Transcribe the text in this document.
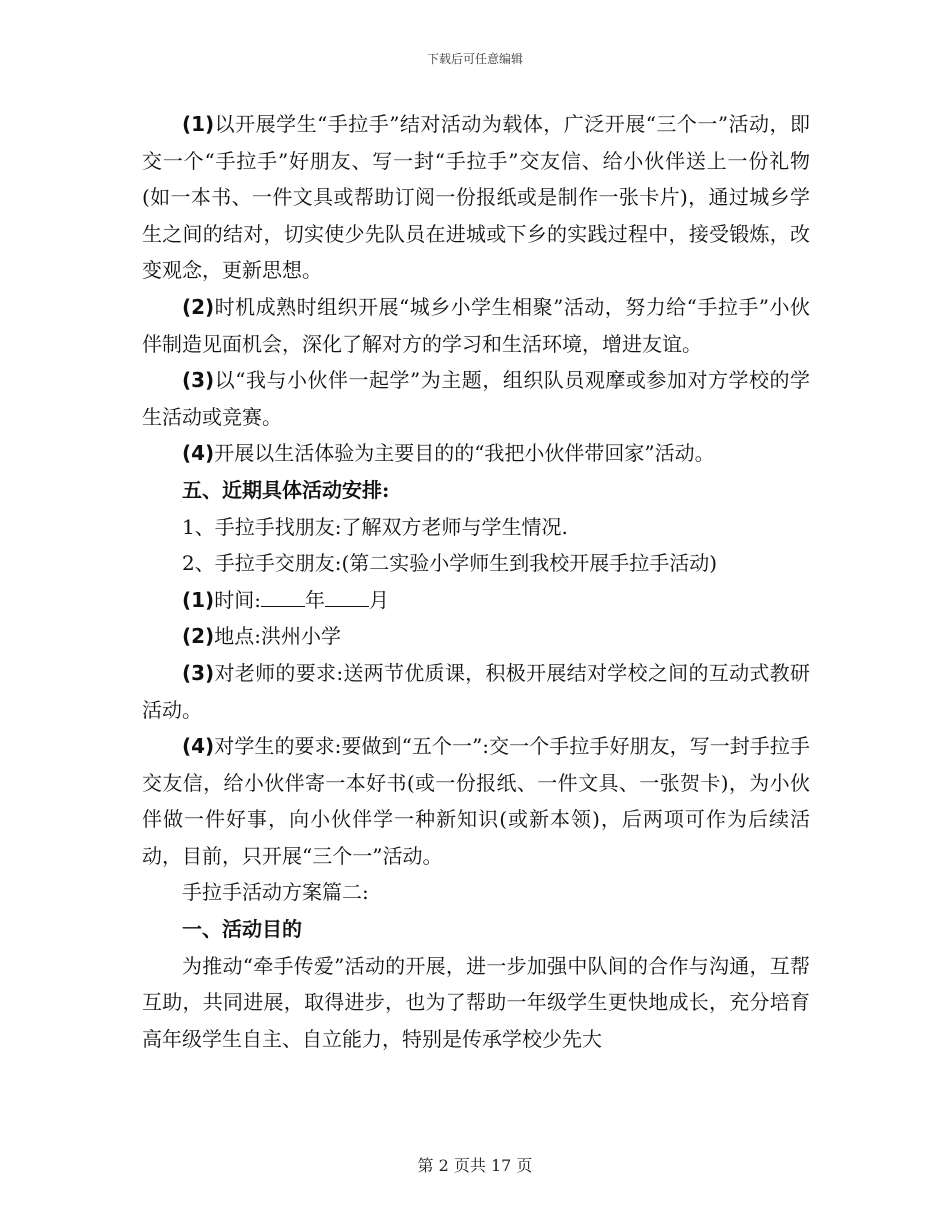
下载后可任意编辑

(1)以开展学生“手拉手”结对活动为载体，广泛开展“三个一”活动，即交一个“手拉手”好朋友、写一封“手拉手”交友信、给小伙伴送上一份礼物(如一本书、一件文具或帮助订阅一份报纸或是制作一张卡片)，通过城乡学生之间的结对，切实使少先队员在进城或下乡的实践过程中，接受锻炼，改变观念，更新思想。

(2)时机成熟时组织开展“城乡小学生相聚”活动，努力给“手拉手”小伙伴制造见面机会，深化了解对方的学习和生活环境，增进友谊。

(3)以“我与小伙伴一起学”为主题，组织队员观摩或参加对方学校的学生活动或竞赛。

(4)开展以生活体验为主要目的的“我把小伙伴带回家”活动。

五、近期具体活动安排:

1、手拉手找朋友:了解双方老师与学生情况.

2、手拉手交朋友:(第二实验小学师生到我校开展手拉手活动)

(1)时间: 年 月

(2)地点:洪州小学

(3)对老师的要求:送两节优质课，积极开展结对学校之间的互动式教研活动。

(4)对学生的要求:要做到“五个一”:交一个手拉手好朋友，写一封手拉手交友信，给小伙伴寄一本好书(或一份报纸、一件文具、一张贺卡)，为小伙伴做一件好事，向小伙伴学一种新知识(或新本领)，后两项可作为后续活动，目前，只开展“三个一”活动。

手拉手活动方案篇二:

一、活动目的

为推动“牵手传爱”活动的开展，进一步加强中队间的合作与沟通，互帮互助，共同进展，取得进步，也为了帮助一年级学生更快地成长，充分培育高年级学生自主、自立能力，特别是传承学校少先大

第 2 页共 17 页
